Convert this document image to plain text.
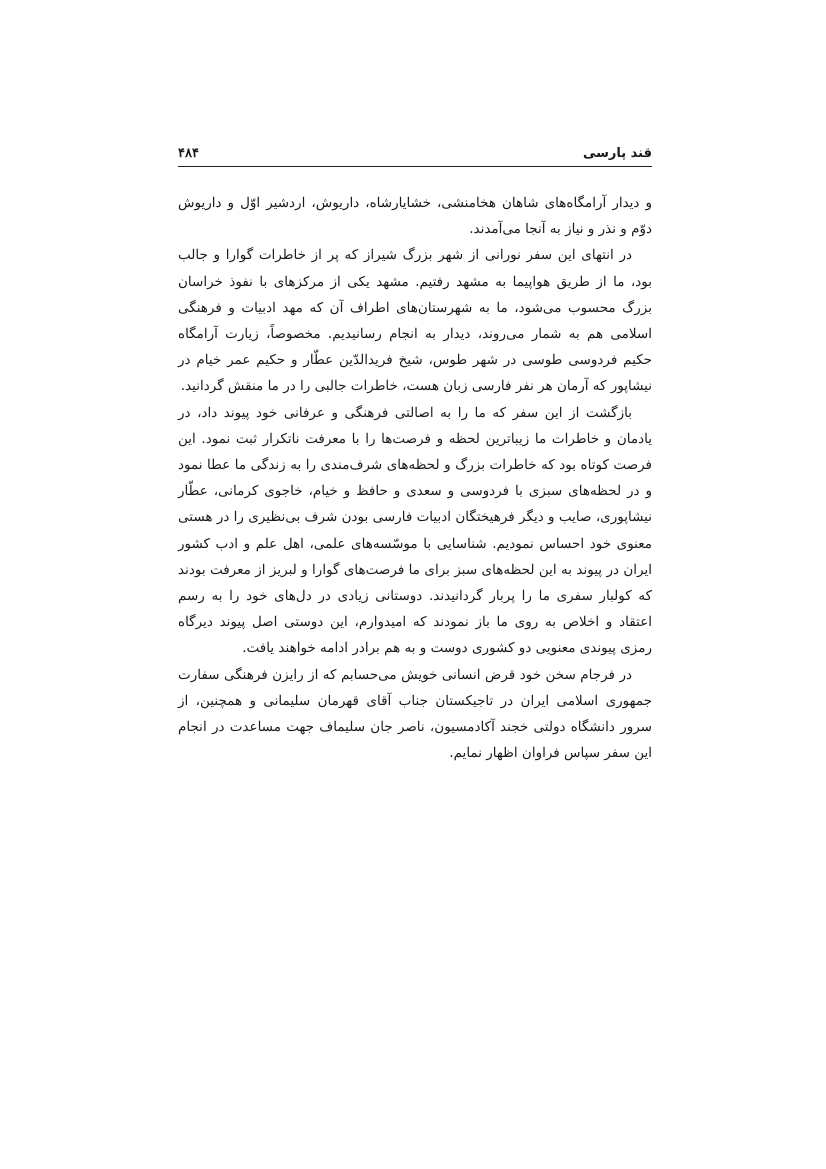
قند پارسی
۴۸۴

و دیدار آرامگاه‌های شاهان هخامنشی، خشایارشاه، داریوش، اردشیر اوّل و داریوش دوّم و نذر و نیاز به آنجا می‌آمدند.

در انتهای این سفر نورانی از شهر بزرگ شیراز که پر از خاطرات گوارا و جالب بود، ما از طریق هواپیما به مشهد رفتیم. مشهد یکی از مرکزهای با نفوذ خراسان بزرگ محسوب می‌شود، ما به شهرستان‌های اطراف آن که مهد ادبیات و فرهنگی اسلامی هم به شمار می‌روند، دیدار به انجام رسانیدیم. مخصوصاً، زیارت آرامگاه حکیم فردوسی طوسی در شهر طوس، شیخ فریدالدّین عطّار و حکیم عمر خیام در نیشاپور که آرمان هر نفر فارسی زبان هست، خاطرات جالبی را در ما منقش گردانید.

بازگشت از این سفر که ما را به اصالتی فرهنگی و عرفانی خود پیوند داد، در یادمان و خاطرات ما زیباترین لحظه و فرصت‌ها را با معرفت ناتکرار ثبت نمود. این فرصت کوتاه بود که خاطرات بزرگ و لحظه‌های شرف‌مندی را به زندگی ما عطا نمود و در لحظه‌های سبزی با فردوسی و سعدی و حافظ و خیام، خاجوی کرمانی، عطّار نیشاپوری، صایب و دیگر فرهیختگان ادبیات فارسی بودن شرف بی‌نظیری را در هستی معنوی خود احساس نمودیم. شناسایی با موسّسه‌های علمی، اهل علم و ادب کشور ایران در پیوند به این لحظه‌های سبز برای ما فرصت‌های گوارا و لبریز از معرفت بودند که کولبار سفری ما را پربار گردانیدند. دوستانی زیادی در دل‌های خود را به رسم اعتقاد و اخلاص به روی ما باز نمودند که امیدوارم، این دوستی اصل پیوند دیرگاه رمزی پیوندی معنویی دو کشوری دوست و به هم برادر ادامه خواهند یافت.

در فرجام سخن خود قرض انسانی خویش می‌حسابم که از رایزن فرهنگی سفارت جمهوری اسلامی ایران در تاجیکستان جناب آقای قهرمان سلیمانی و همچنین، از سرور دانشگاه دولتی خجند آکادمسیون، ناصر جان سلیماف جهت مساعدت در انجام این سفر سپاس فراوان اظهار نمایم.
